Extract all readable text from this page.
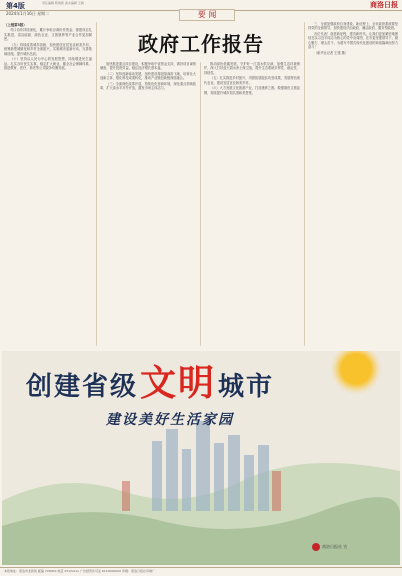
第4版	责任编辑 陈建新 美术编辑 王晓	商洛日报
2024年1月16日 星期二	要 闻
政府工作报告
（上接第3版）

对口协作持续深化，累计争取京商协作资金，援建项目扎实推进，清洁能源、绿色农业、文旅康养等产业合作更加紧密。

（九）持续改善城乡面貌，加快建设宜居宜业和美乡村。统筹新型城镇化和乡村全面振兴，实施城市更新行动，完善基础设施，提升城市品质。

（十）坚持以人民为中心的发展思想，持续增进民生福祉。扎实办好民生实事，稳定扩大就业，健全社会保障体系，推进教育、医疗、养老等公共服务均衡发展。

加快推进重点项目建设，积极争取中省资金支持，做好项目谋划储备，提升投资效益，稳住经济增长基本盘。

（二）坚持创新驱动发展，加快建设秦创原商洛飞地，培育壮大创新主体，强化科技成果转化，推动产业链创新链深度融合。

（三）全面深化改革开放，持续优化营商环境，深化重点领域改革，扩大高水平对外开放，激发市场主体活力。

推动绿色低碳发展，守护好一江清水供京津，加强生态环境保护，深入打好蓝天碧水净土保卫战，提升生态系统多样性、稳定性、持续性。

（五）扎实推进乡村振兴，巩固拓展脱贫攻坚成果，发展特色现代农业，建设宜居宜业和美乡村。

（六）大力发展文化旅游产业，打造康养之都，做强做优文旅品牌，持续提升城市知名度和美誉度。

三、全面加强政府自身建设。新征程上，全市政府系统要坚持党的全面领导，加快建设法治政府、廉洁政府、服务型政府。

各位代表！奋进新征程，建功新时代。让我们更加紧密地团结在以习近平同志为核心的党中央周围，在市委坚强领导下，凝心聚力、埋头苦干，为谱写中国式现代化建设的商洛篇章而努力奋斗！

（新华社记者 王建 摄）

创建省级文明城市
建设美好生活家园
商洛日报社 宣
本报地址：商洛市北新街 邮编 726000 电话 2312xxxx 广告经营许可证 6110000000 印刷：商洛日报社印刷厂
